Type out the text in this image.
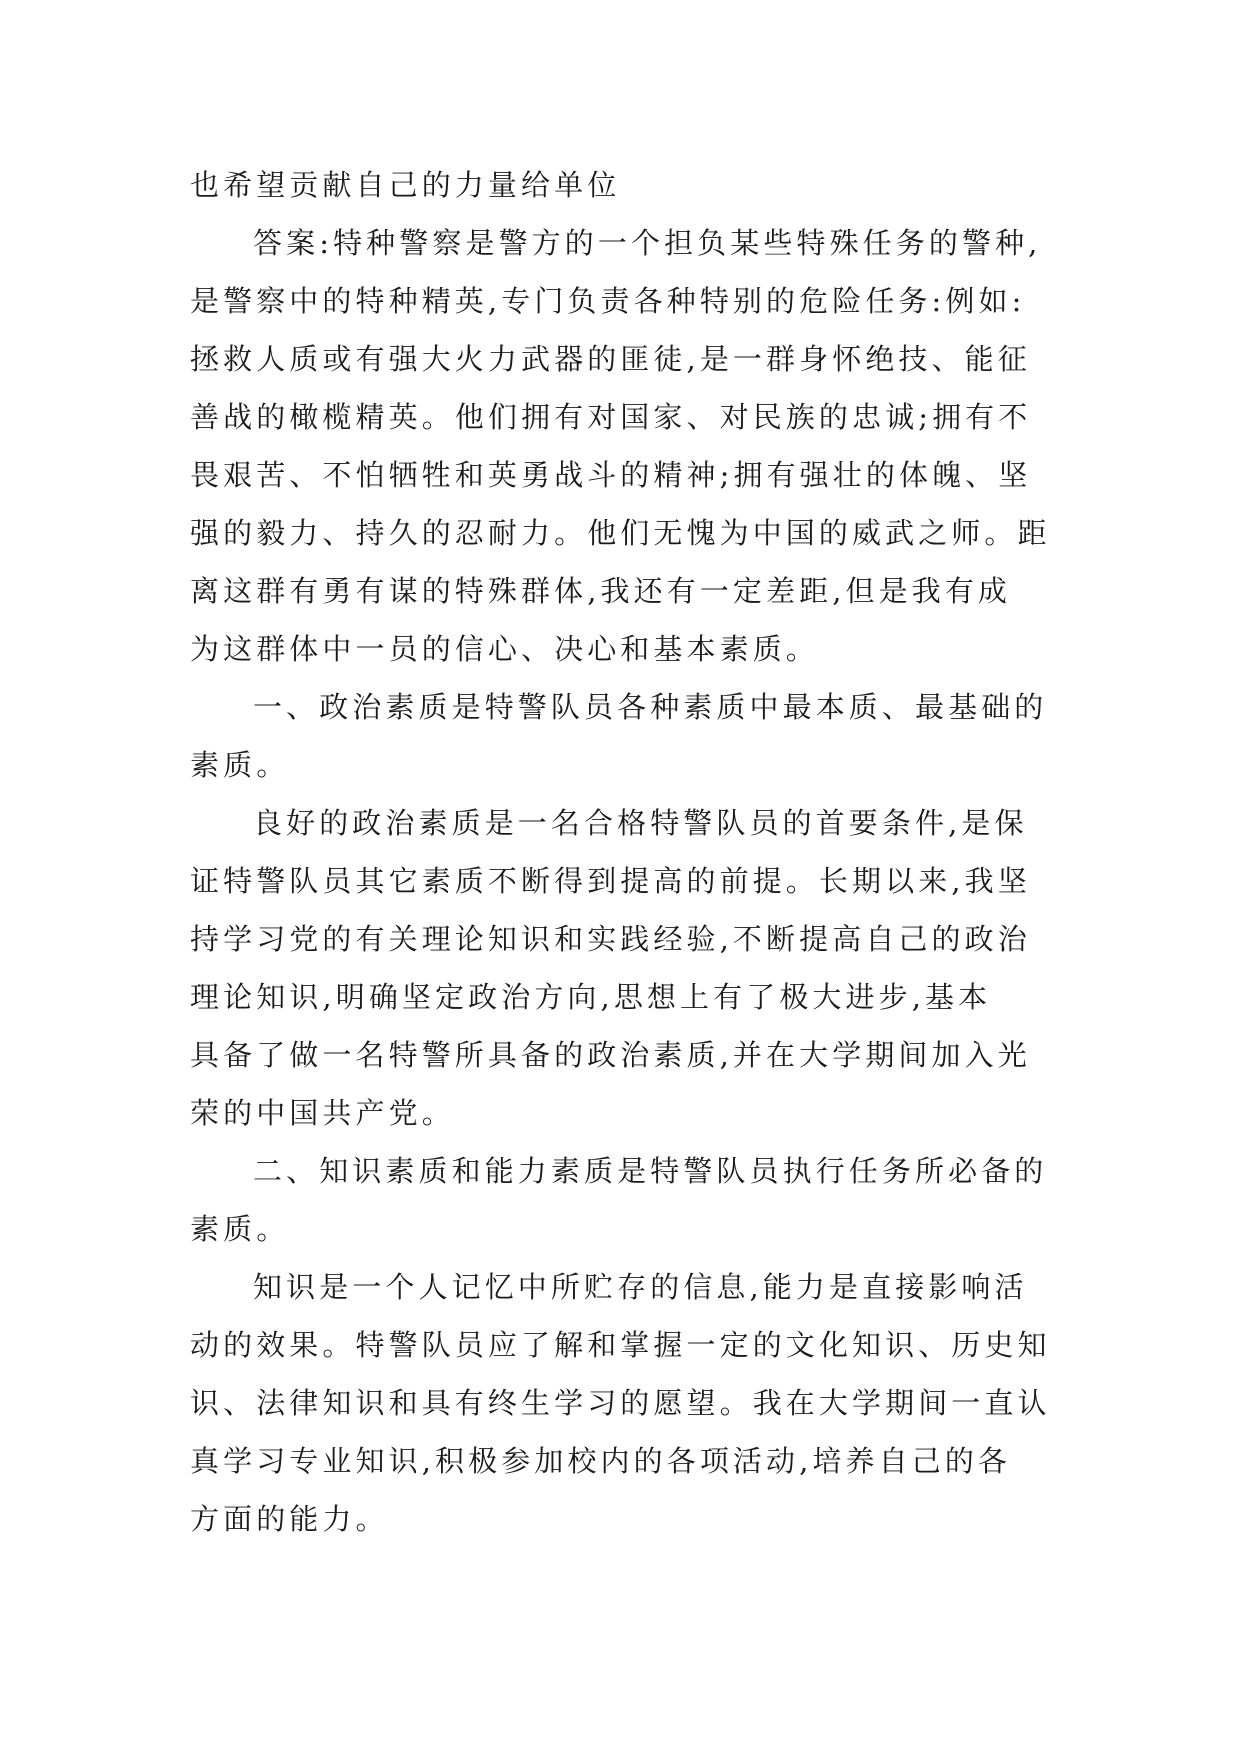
也希望贡献自己的力量给单位
答案:特种警察是警方的一个担负某些特殊任务的警种,
是警察中的特种精英,专门负责各种特别的危险任务:例如:
拯救人质或有强大火力武器的匪徒,是一群身怀绝技、能征
善战的橄榄精英。他们拥有对国家、对民族的忠诚;拥有不
畏艰苦、不怕牺牲和英勇战斗的精神;拥有强壮的体魄、坚
强的毅力、持久的忍耐力。他们无愧为中国的威武之师。距
离这群有勇有谋的特殊群体,我还有一定差距,但是我有成
为这群体中一员的信心、决心和基本素质。
一、政治素质是特警队员各种素质中最本质、最基础的
素质。
良好的政治素质是一名合格特警队员的首要条件,是保
证特警队员其它素质不断得到提高的前提。长期以来,我坚
持学习党的有关理论知识和实践经验,不断提高自己的政治
理论知识,明确坚定政治方向,思想上有了极大进步,基本
具备了做一名特警所具备的政治素质,并在大学期间加入光
荣的中国共产党。
二、知识素质和能力素质是特警队员执行任务所必备的
素质。
知识是一个人记忆中所贮存的信息,能力是直接影响活
动的效果。特警队员应了解和掌握一定的文化知识、历史知
识、法律知识和具有终生学习的愿望。我在大学期间一直认
真学习专业知识,积极参加校内的各项活动,培养自己的各
方面的能力。
